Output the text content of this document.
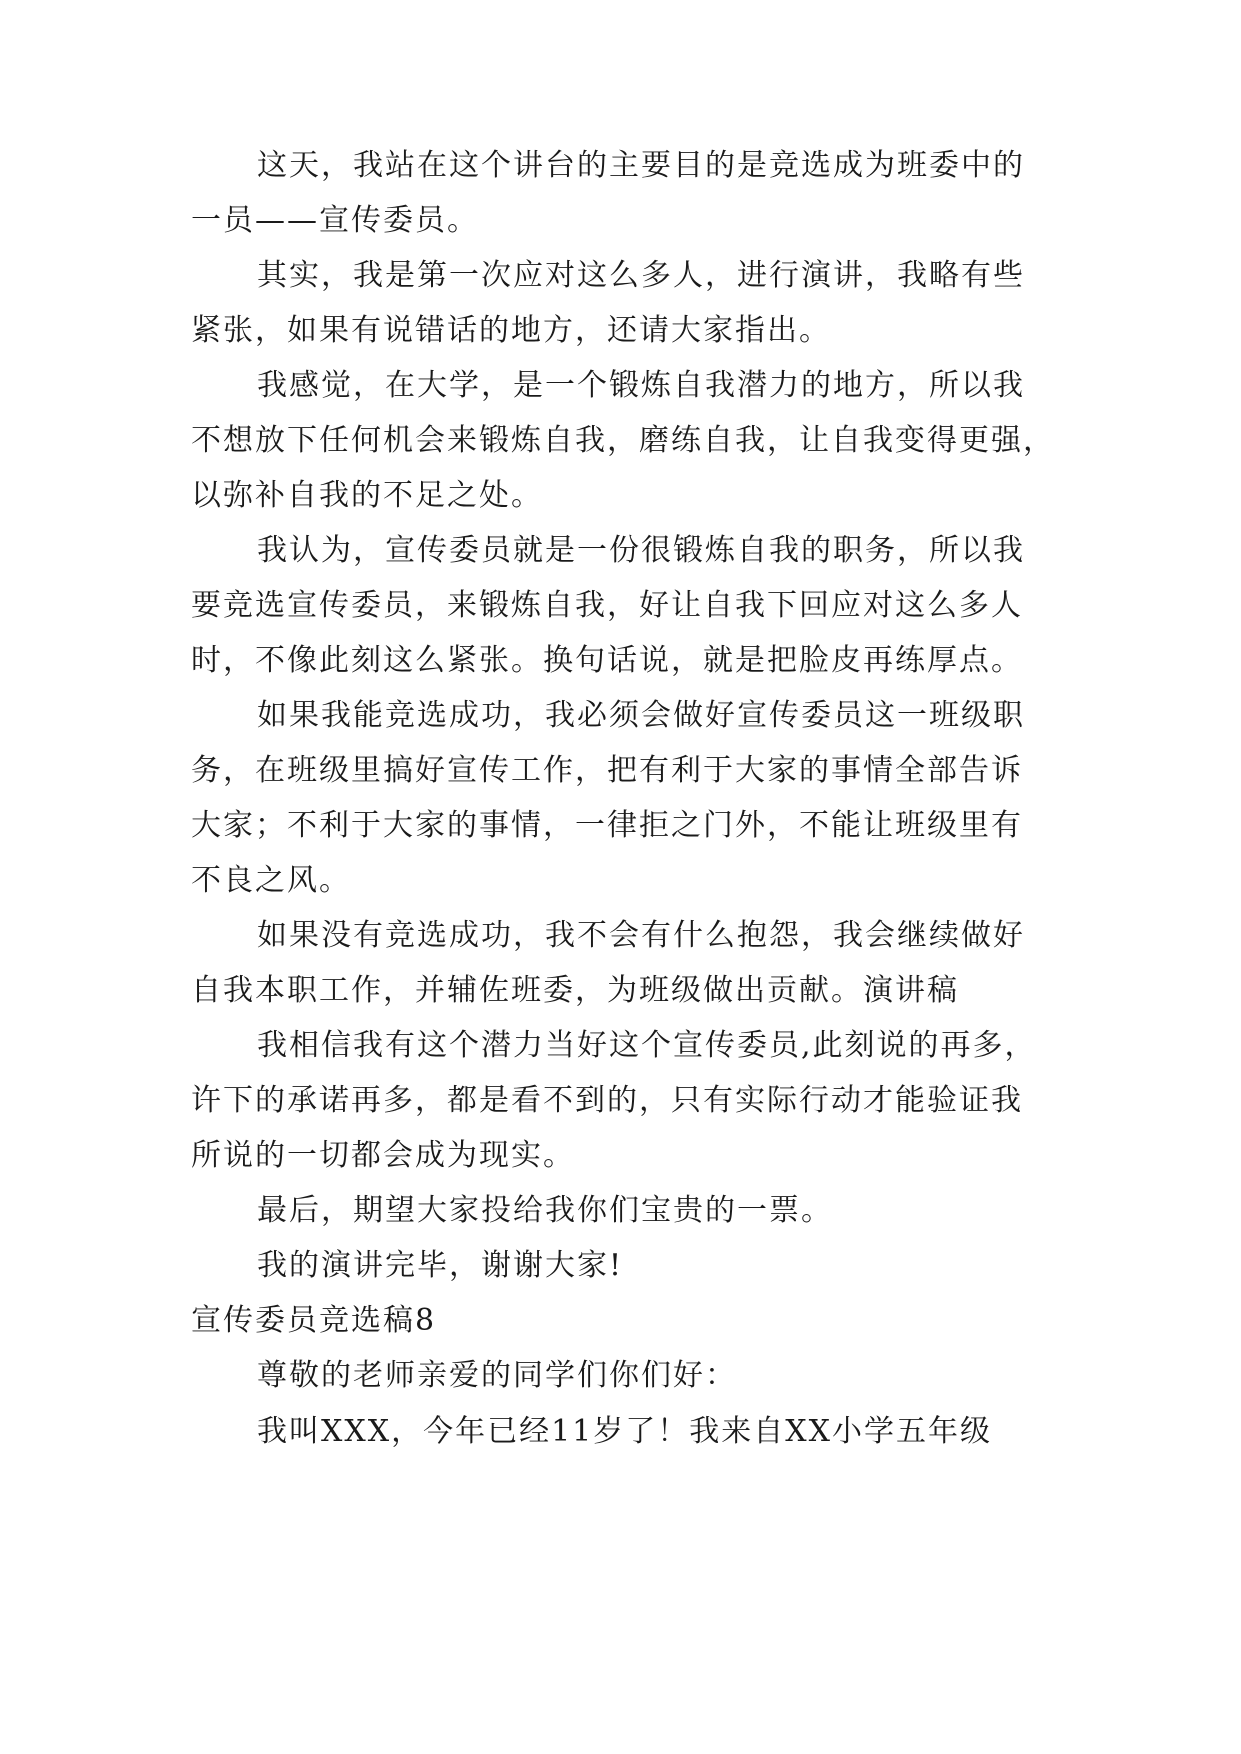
这天，我站在这个讲台的主要目的是竞选成为班委中的
一员——宣传委员。
其实，我是第一次应对这么多人，进行演讲，我略有些
紧张，如果有说错话的地方，还请大家指出。
我感觉，在大学，是一个锻炼自我潜力的地方，所以我
不想放下任何机会来锻炼自我，磨练自我，让自我变得更强，
以弥补自我的不足之处。
我认为，宣传委员就是一份很锻炼自我的职务，所以我
要竞选宣传委员，来锻炼自我，好让自我下回应对这么多人
时，不像此刻这么紧张。换句话说，就是把脸皮再练厚点。
如果我能竞选成功，我必须会做好宣传委员这一班级职
务，在班级里搞好宣传工作，把有利于大家的事情全部告诉
大家；不利于大家的事情，一律拒之门外，不能让班级里有
不良之风。
如果没有竞选成功，我不会有什么抱怨，我会继续做好
自我本职工作，并辅佐班委，为班级做出贡献。演讲稿
我相信我有这个潜力当好这个宣传委员,此刻说的再多，
许下的承诺再多，都是看不到的，只有实际行动才能验证我
所说的一切都会成为现实。
最后，期望大家投给我你们宝贵的一票。
我的演讲完毕，谢谢大家!
宣传委员竞选稿8
尊敬的老师亲爱的同学们你们好：
我叫XXX，今年已经11岁了！我来自XX小学五年级
